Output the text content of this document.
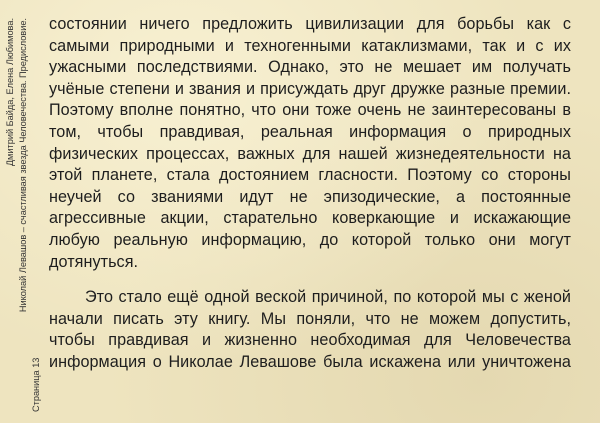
Дмитрий Байда, Елена Любимова. Николай Левашов – счастливая звезда Человечества. Предисловие.
Страница 13
состоянии ничего предложить цивилизации для борьбы как с
самыми природными и техногенными катаклизмами, так и с их
ужасными последствиями. Однако, это не мешает им получать
учёные степени и звания и присуждать друг дружке разные премии.
Поэтому вполне понятно, что они тоже очень не заинтересованы в
том, чтобы правдивая, реальная информация о природных
физических процессах, важных для нашей жизнедеятельности на
этой планете, стала достоянием гласности. Поэтому со стороны
неучей со званиями идут не эпизодические, а постоянные
агрессивные акции, старательно коверкающие и искажающие
любую реальную информацию, до которой только они могут
дотянуться.
Это стало ещё одной веской причиной, по которой мы с женой
начали писать эту книгу. Мы поняли, что не можем допустить,
чтобы правдивая и жизненно необходимая для Человечества
информация о Николае Левашове была искажена или уничтожена
